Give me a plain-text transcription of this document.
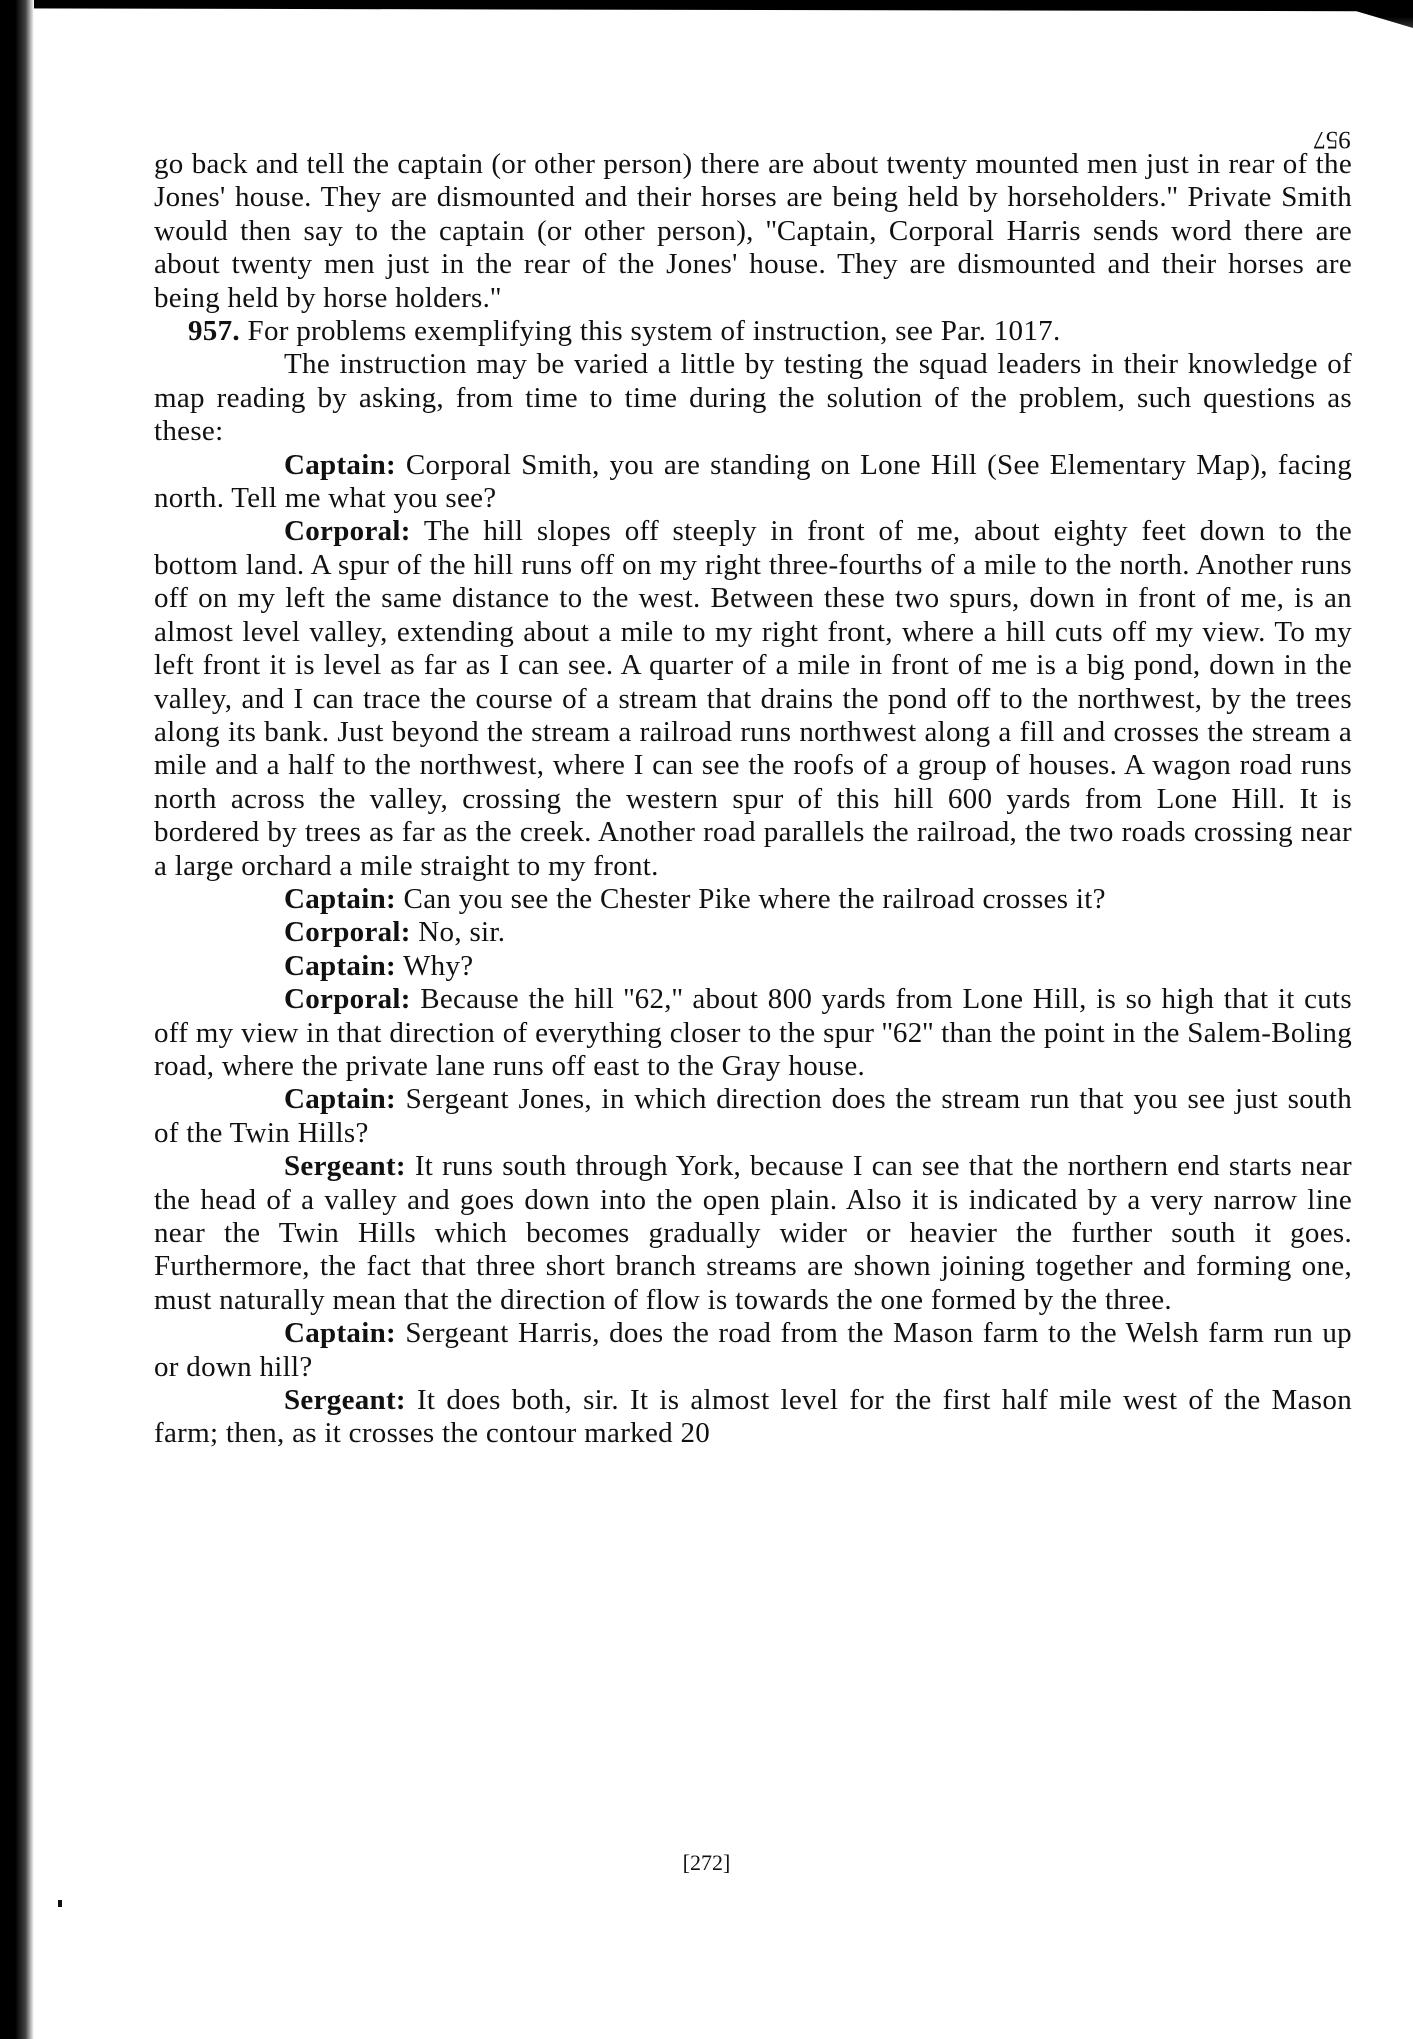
957

go back and tell the captain (or other person) there are about twenty mounted men just in rear of the Jones' house. They are dismounted and their horses are being held by horseholders.'' Private Smith would then say to the captain (or other person), ''Captain, Corporal Harris sends word there are about twenty men just in the rear of the Jones' house. They are dismounted and their horses are being held by horse holders.''

957. For problems exemplifying this system of instruction, see Par. 1017.

The instruction may be varied a little by testing the squad leaders in their knowledge of map reading by asking, from time to time during the solution of the problem, such questions as these:

Captain: Corporal Smith, you are standing on Lone Hill (See Elementary Map), facing north. Tell me what you see?

Corporal: The hill slopes off steeply in front of me, about eighty feet down to the bottom land. A spur of the hill runs off on my right three-fourths of a mile to the north. Another runs off on my left the same distance to the west. Between these two spurs, down in front of me, is an almost level valley, extending about a mile to my right front, where a hill cuts off my view. To my left front it is level as far as I can see. A quarter of a mile in front of me is a big pond, down in the valley, and I can trace the course of a stream that drains the pond off to the northwest, by the trees along its bank. Just beyond the stream a railroad runs northwest along a fill and crosses the stream a mile and a half to the northwest, where I can see the roofs of a group of houses. A wagon road runs north across the valley, crossing the western spur of this hill 600 yards from Lone Hill. It is bordered by trees as far as the creek. Another road parallels the railroad, the two roads crossing near a large orchard a mile straight to my front.

Captain: Can you see the Chester Pike where the railroad crosses it?

Corporal: No, sir.

Captain: Why?

Corporal: Because the hill ''62,'' about 800 yards from Lone Hill, is so high that it cuts off my view in that direction of everything closer to the spur ''62'' than the point in the Salem-Boling road, where the private lane runs off east to the Gray house.

Captain: Sergeant Jones, in which direction does the stream run that you see just south of the Twin Hills?

Sergeant: It runs south through York, because I can see that the northern end starts near the head of a valley and goes down into the open plain. Also it is indicated by a very narrow line near the Twin Hills which becomes gradually wider or heavier the further south it goes. Furthermore, the fact that three short branch streams are shown joining together and forming one, must naturally mean that the direction of flow is towards the one formed by the three.

Captain: Sergeant Harris, does the road from the Mason farm to the Welsh farm run up or down hill?

Sergeant: It does both, sir. It is almost level for the first half mile west of the Mason farm; then, as it crosses the contour marked 20

[272]
